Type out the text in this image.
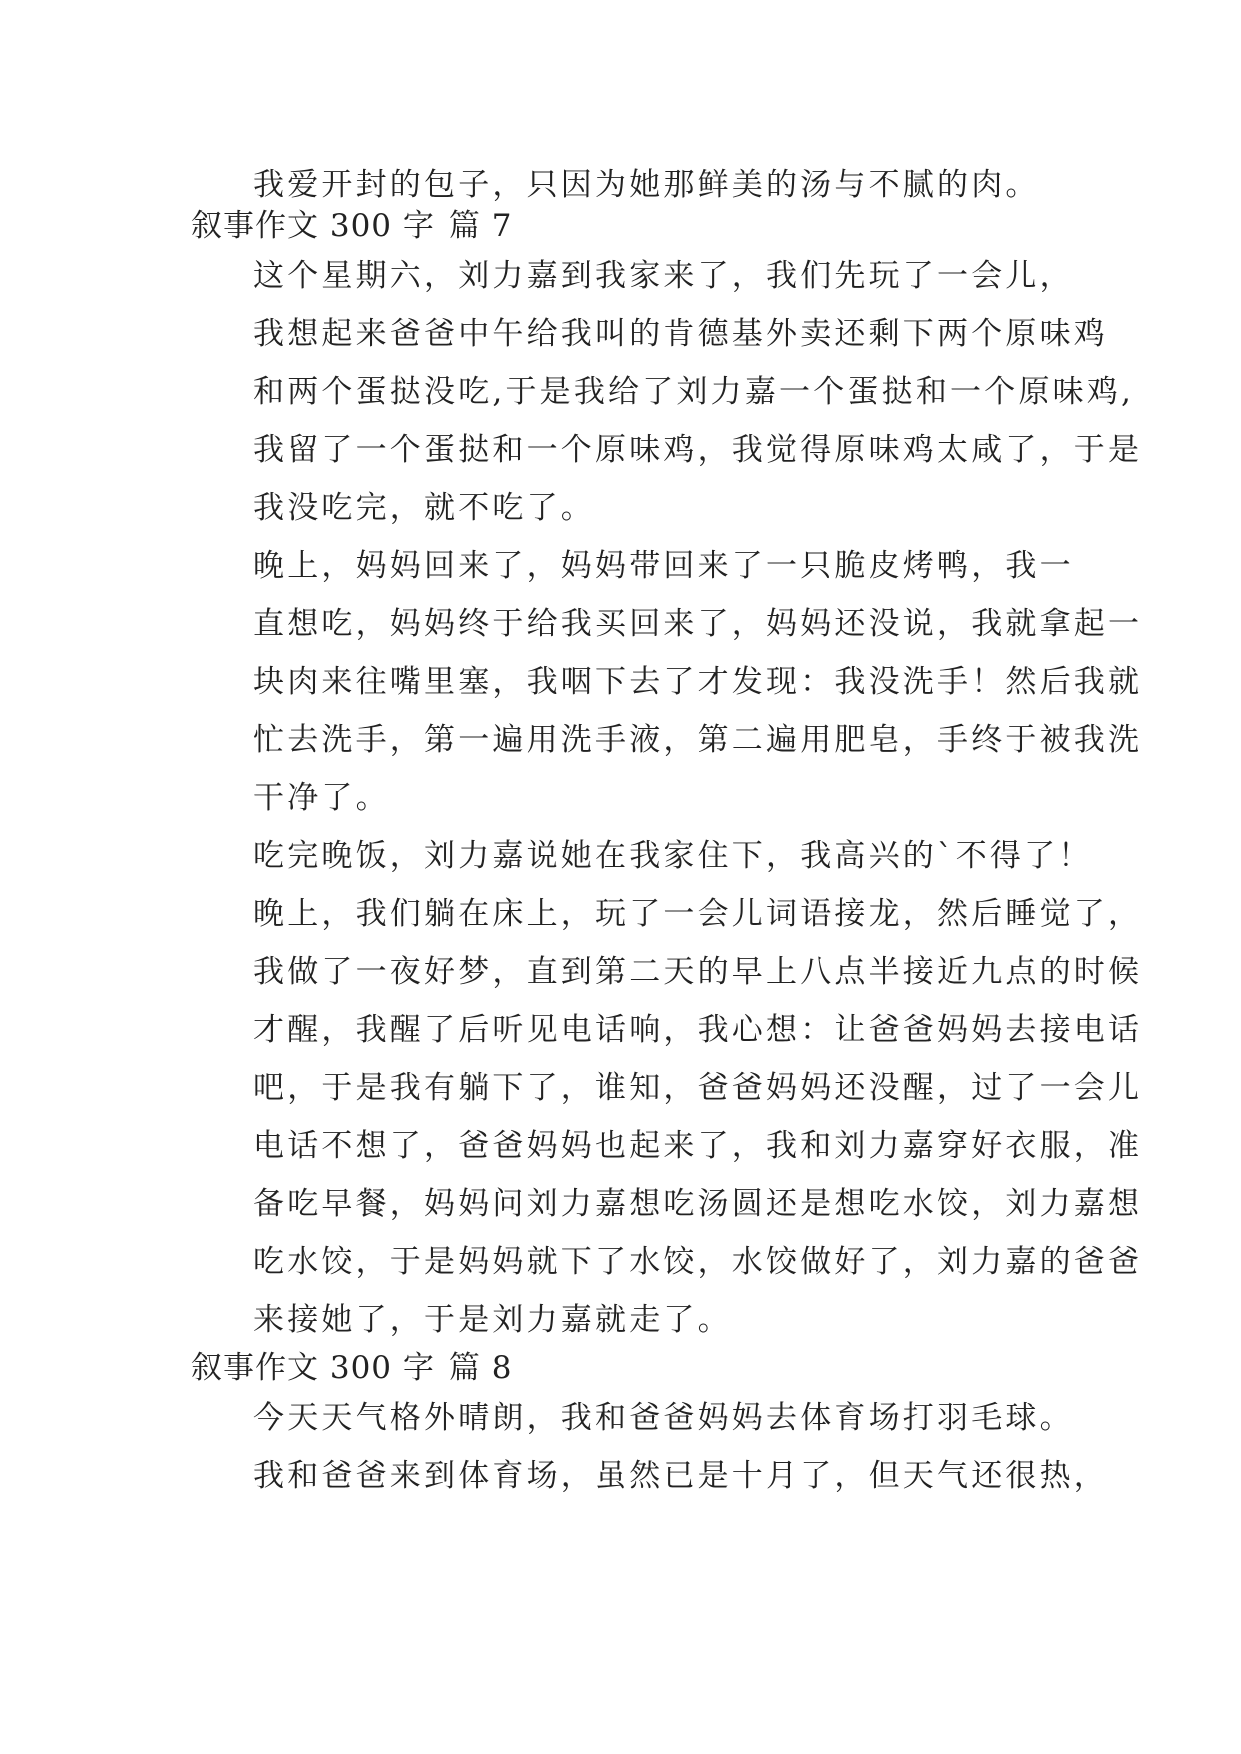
我爱开封的包子，只因为她那鲜美的汤与不腻的肉。

叙事作文 300 字 篇 7

这个星期六，刘力嘉到我家来了，我们先玩了一会儿，
我想起来爸爸中午给我叫的肯德基外卖还剩下两个原味鸡
和两个蛋挞没吃,于是我给了刘力嘉一个蛋挞和一个原味鸡,
我留了一个蛋挞和一个原味鸡，我觉得原味鸡太咸了，于是
我没吃完，就不吃了。

晚上，妈妈回来了，妈妈带回来了一只脆皮烤鸭，我一
直想吃，妈妈终于给我买回来了，妈妈还没说，我就拿起一
块肉来往嘴里塞，我咽下去了才发现：我没洗手！然后我就
忙去洗手，第一遍用洗手液，第二遍用肥皂，手终于被我洗
干净了。

吃完晚饭，刘力嘉说她在我家住下，我高兴的`不得了！
晚上，我们躺在床上，玩了一会儿词语接龙，然后睡觉了，
我做了一夜好梦，直到第二天的早上八点半接近九点的时候
才醒，我醒了后听见电话响，我心想：让爸爸妈妈去接电话
吧，于是我有躺下了，谁知，爸爸妈妈还没醒，过了一会儿
电话不想了，爸爸妈妈也起来了，我和刘力嘉穿好衣服，准
备吃早餐，妈妈问刘力嘉想吃汤圆还是想吃水饺，刘力嘉想
吃水饺，于是妈妈就下了水饺，水饺做好了，刘力嘉的爸爸
来接她了，于是刘力嘉就走了。

叙事作文 300 字 篇 8

今天天气格外晴朗，我和爸爸妈妈去体育场打羽毛球。

我和爸爸来到体育场，虽然已是十月了，但天气还很热，
